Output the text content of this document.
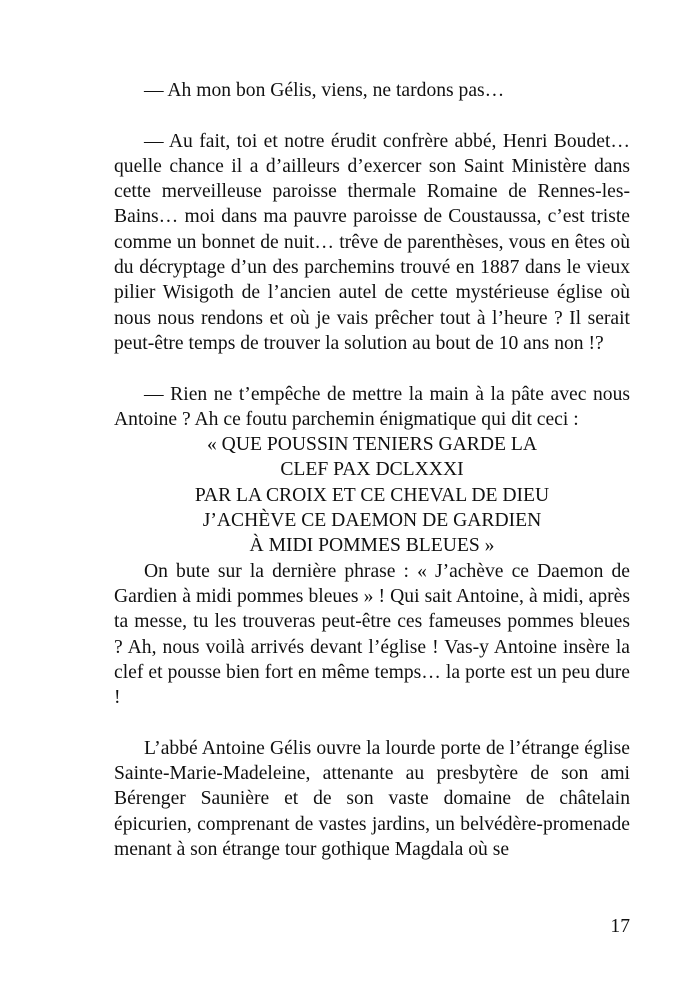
— Ah mon bon Gélis, viens, ne tardons pas…

— Au fait, toi et notre érudit confrère abbé, Henri Boudet… quelle chance il a d’ailleurs d’exercer son Saint Ministère dans cette merveilleuse paroisse thermale Romaine de Rennes-les-Bains… moi dans ma pauvre paroisse de Coustaussa, c’est triste comme un bonnet de nuit… trêve de parenthèses, vous en êtes où du décryptage d’un des parchemins trouvé en 1887 dans le vieux pilier Wisigoth de l’ancien autel de cette mystérieuse église où nous nous rendons et où je vais prêcher tout à l’heure ? Il serait peut-être temps de trouver la solution au bout de 10 ans non !?

— Rien ne t’empêche de mettre la main à la pâte avec nous Antoine ? Ah ce foutu parchemin énigmatique qui dit ceci :

« QUE POUSSIN TENIERS GARDE LA
CLEF PAX DCLXXXI
PAR LA CROIX ET CE CHEVAL DE DIEU
J’ACHÈVE CE DAEMON DE GARDIEN
À MIDI POMMES BLEUES »

On bute sur la dernière phrase : « J’achève ce Daemon de Gardien à midi pommes bleues » ! Qui sait Antoine, à midi, après ta messe, tu les trouveras peut-être ces fameuses pommes bleues ? Ah, nous voilà arrivés devant l’église ! Vas-y Antoine insère la clef et pousse bien fort en même temps… la porte est un peu dure !

L’abbé Antoine Gélis ouvre la lourde porte de l’étrange église Sainte-Marie-Madeleine, attenante au presbytère de son ami Bérenger Saunière et de son vaste domaine de châtelain épicurien, comprenant de vastes jardins, un belvédère-promenade menant à son étrange tour gothique Magdala où se

17
